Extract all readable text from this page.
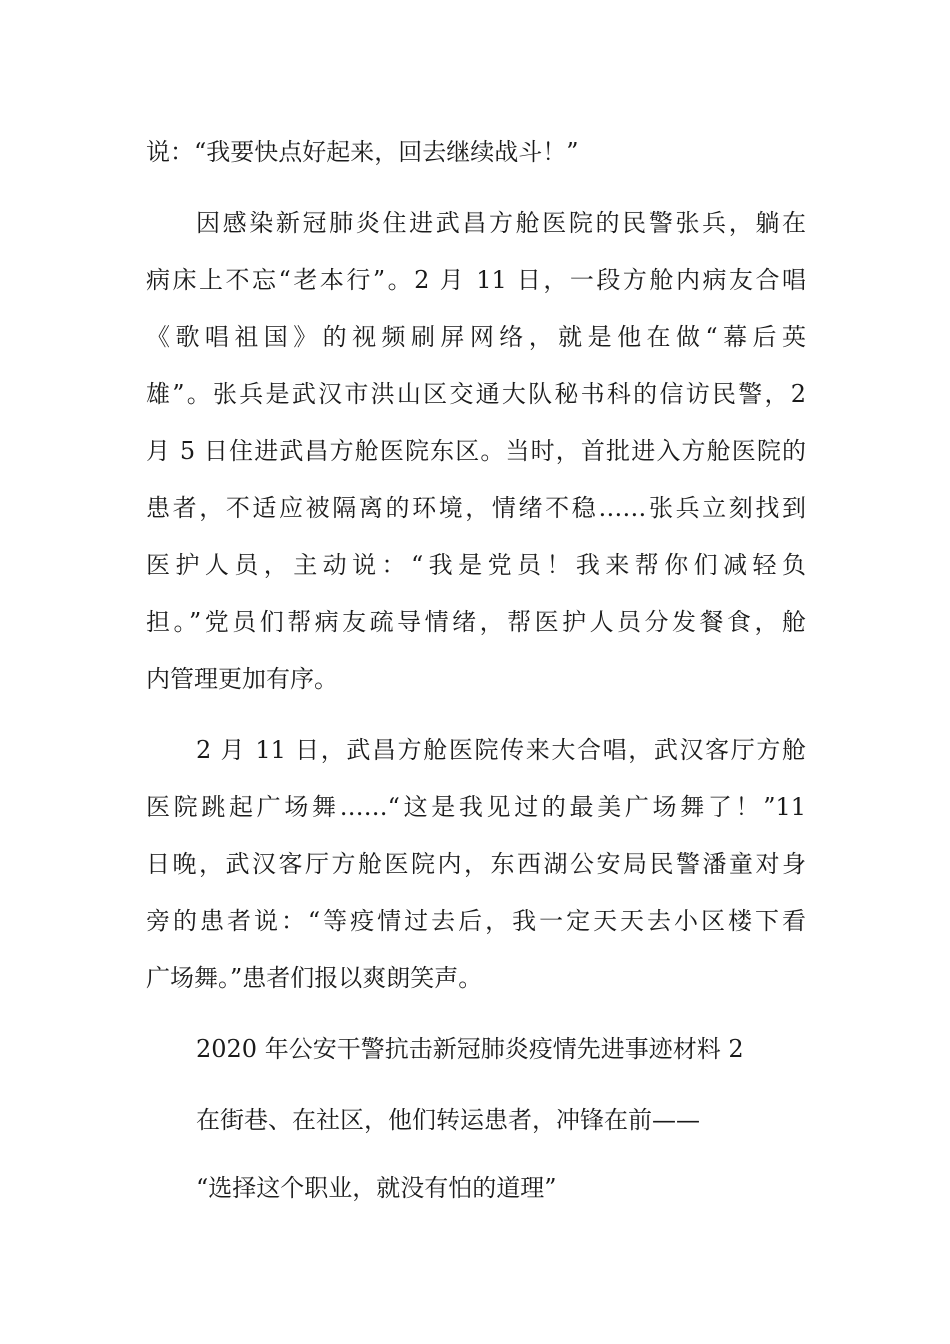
说：“我要快点好起来，回去继续战斗！”
因感染新冠肺炎住进武昌方舱医院的民警张兵，躺在
病床上不忘“老本行”。2 月 11 日，一段方舱内病友合唱
《歌唱祖国》的视频刷屏网络，就是他在做“幕后英
雄”。张兵是武汉市洪山区交通大队秘书科的信访民警，2
月 5 日住进武昌方舱医院东区。当时，首批进入方舱医院的
患者，不适应被隔离的环境，情绪不稳……张兵立刻找到
医护人员，主动说：“我是党员！我来帮你们减轻负
担。”党员们帮病友疏导情绪，帮医护人员分发餐食，舱
内管理更加有序。
2 月 11 日，武昌方舱医院传来大合唱，武汉客厅方舱
医院跳起广场舞……“这是我见过的最美广场舞了！”11
日晚，武汉客厅方舱医院内，东西湖公安局民警潘童对身
旁的患者说：“等疫情过去后，我一定天天去小区楼下看
广场舞。”患者们报以爽朗笑声。
2020 年公安干警抗击新冠肺炎疫情先进事迹材料 2
在街巷、在社区，他们转运患者，冲锋在前——
“选择这个职业，就没有怕的道理”
